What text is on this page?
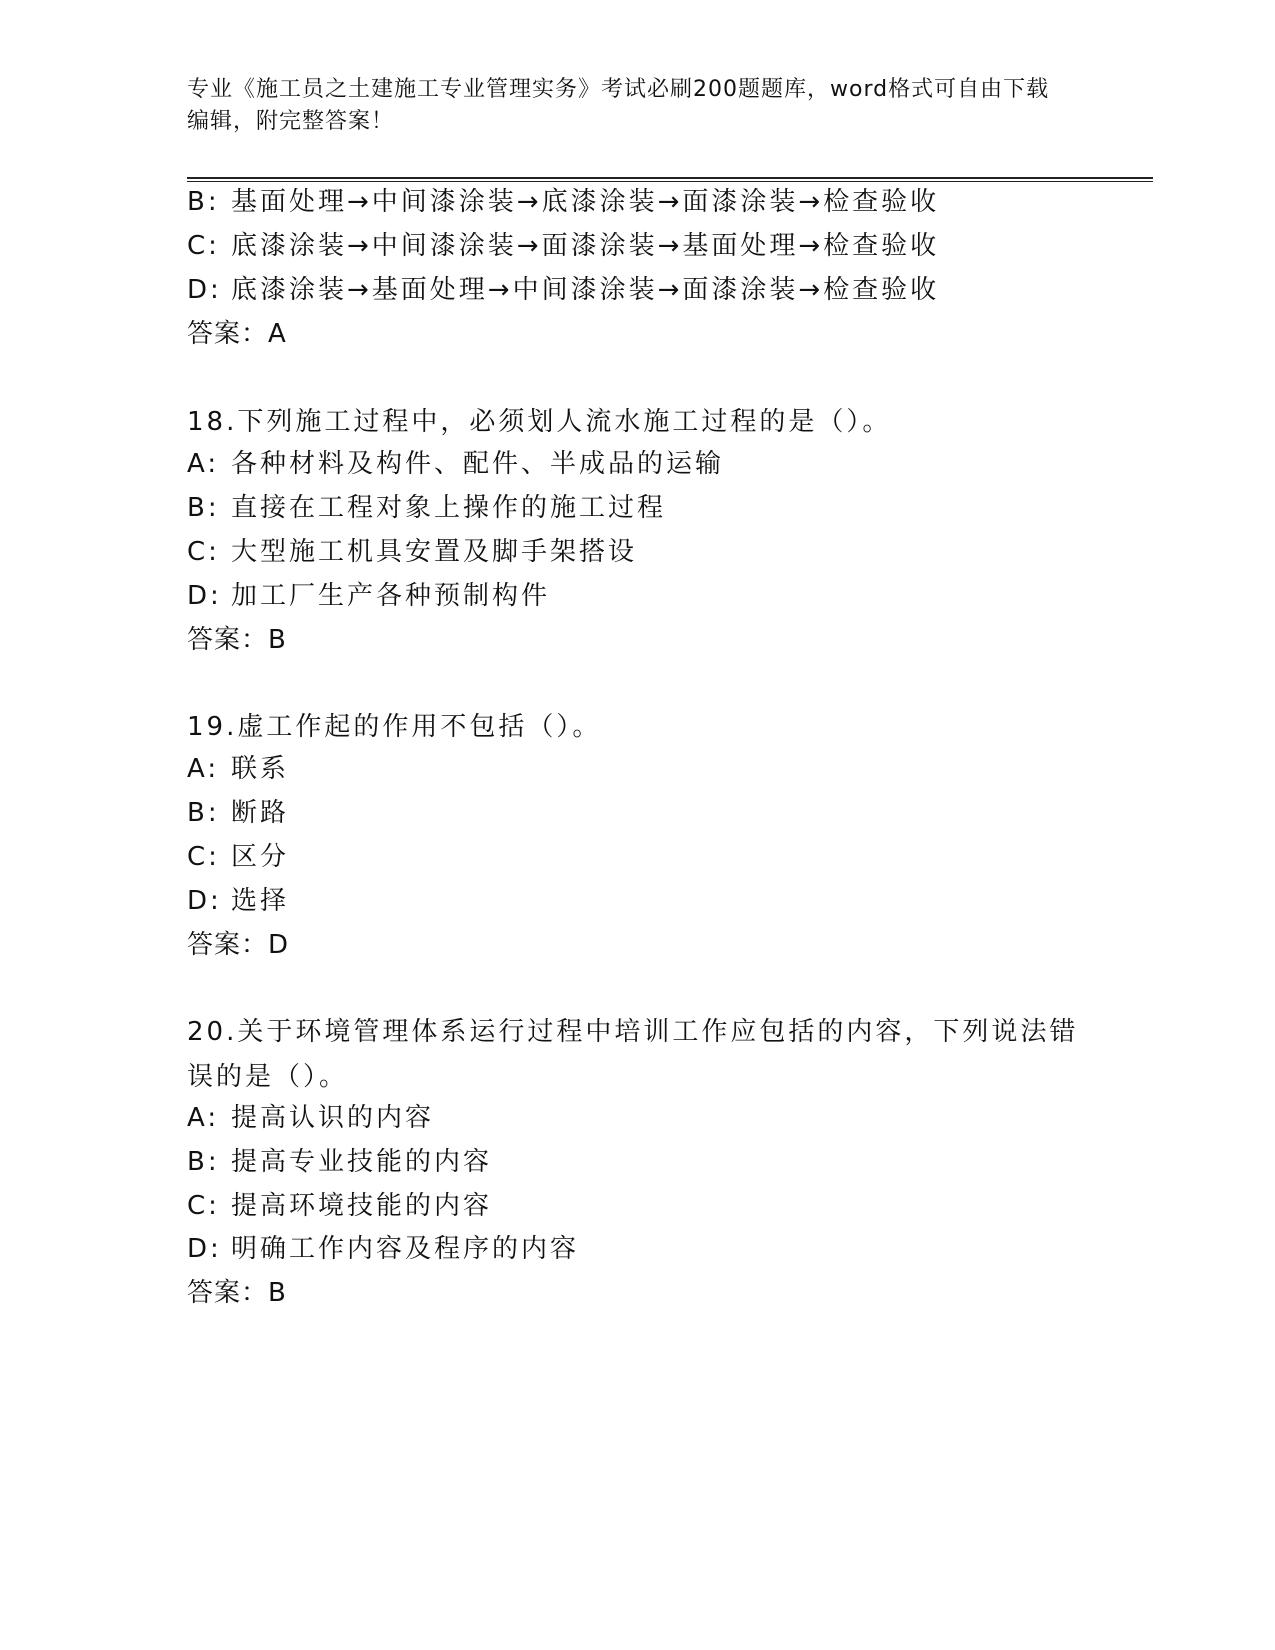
专业《施工员之土建施工专业管理实务》考试必刷200题题库，word格式可自由下载编辑，附完整答案！
B: 基面处理→中间漆涂装→底漆涂装→面漆涂装→检查验收
C: 底漆涂装→中间漆涂装→面漆涂装→基面处理→检查验收
D: 底漆涂装→基面处理→中间漆涂装→面漆涂装→检查验收
答案：A
18.下列施工过程中，必须划人流水施工过程的是（）。
A: 各种材料及构件、配件、半成品的运输
B: 直接在工程对象上操作的施工过程
C: 大型施工机具安置及脚手架搭设
D: 加工厂生产各种预制构件
答案：B
19.虚工作起的作用不包括（）。
A: 联系
B: 断路
C: 区分
D: 选择
答案：D
20.关于环境管理体系运行过程中培训工作应包括的内容，下列说法错误的是（）。
A: 提高认识的内容
B: 提高专业技能的内容
C: 提高环境技能的内容
D: 明确工作内容及程序的内容
答案：B
